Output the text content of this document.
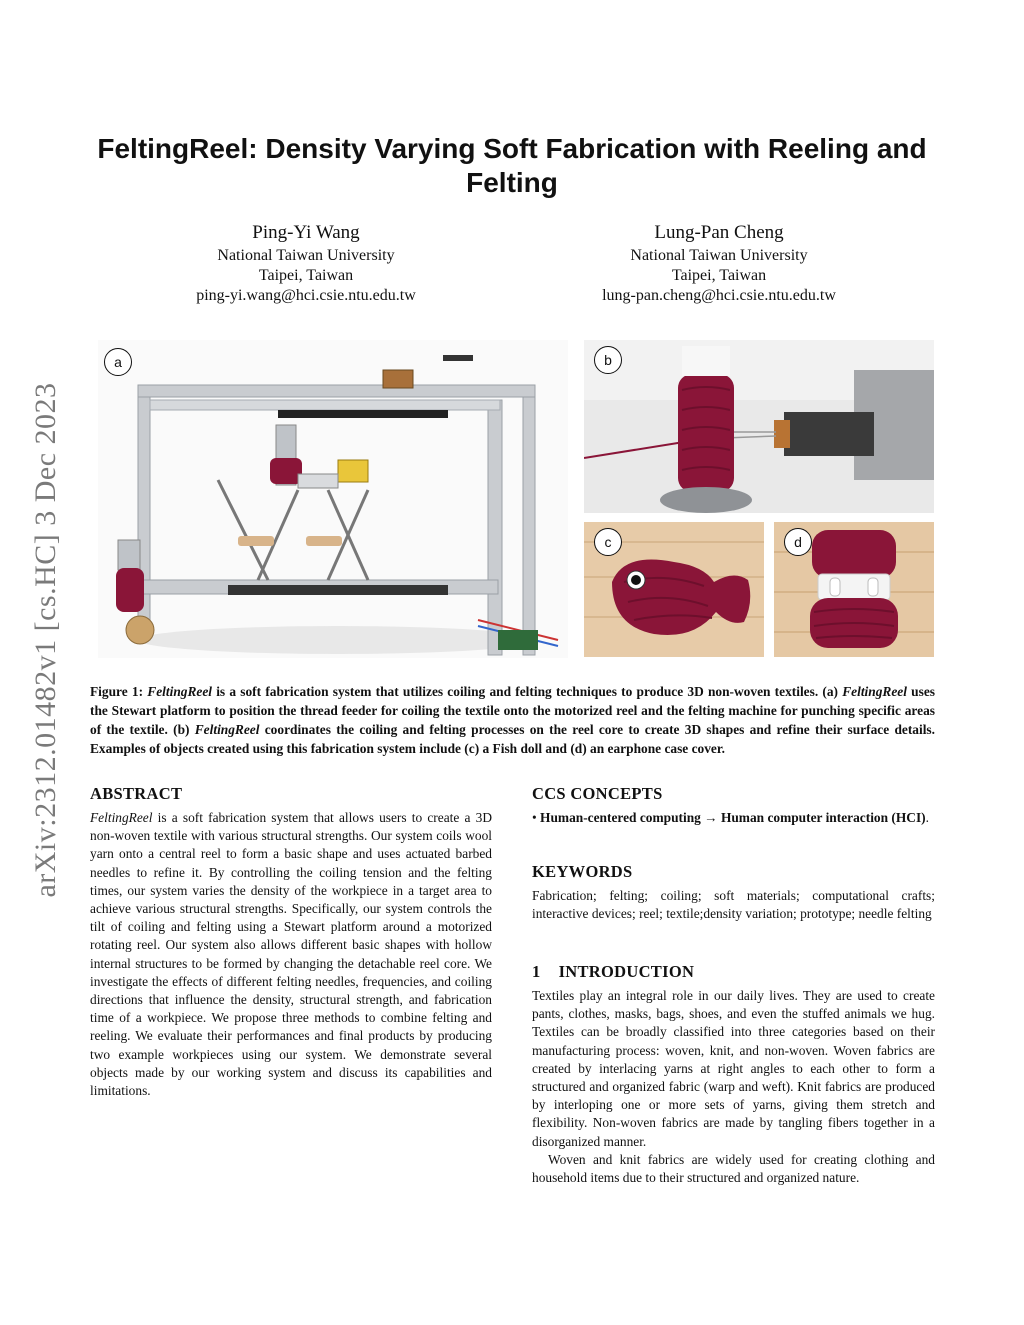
FeltingReel: Density Varying Soft Fabrication with Reeling and Felting
Ping-Yi Wang
National Taiwan University
Taipei, Taiwan
ping-yi.wang@hci.csie.ntu.edu.tw
Lung-Pan Cheng
National Taiwan University
Taipei, Taiwan
lung-pan.cheng@hci.csie.ntu.edu.tw
arXiv:2312.01482v1 [cs.HC] 3 Dec 2023
a	b
c	d
Figure 1: FeltingReel is a soft fabrication system that utilizes coiling and felting techniques to produce 3D non-woven textiles. (a) FeltingReel uses the Stewart platform to position the thread feeder for coiling the textile onto the motorized reel and the felting machine for punching specific areas of the textile. (b) FeltingReel coordinates the coiling and felting processes on the reel core to create 3D shapes and refine their surface details. Examples of objects created using this fabrication system include (c) a Fish doll and (d) an earphone case cover.
ABSTRACT
FeltingReel is a soft fabrication system that allows users to create a 3D non-woven textile with various structural strengths. Our system coils wool yarn onto a central reel to form a basic shape and uses actuated barbed needles to refine it. By controlling the coiling tension and the felting times, our system varies the density of the workpiece in a target area to achieve various structural strengths. Specifically, our system controls the tilt of coiling and felting using a Stewart platform around a motorized rotating reel. Our system also allows different basic shapes with hollow internal structures to be formed by changing the detachable reel core. We investigate the effects of different felting needles, frequencies, and coiling directions that influence the density, structural strength, and fabrication time of a workpiece. We propose three methods to combine felting and reeling. We evaluate their performances and final products by producing two example workpieces using our system. We demonstrate several objects made by our working system and discuss its capabilities and limitations.
CCS CONCEPTS
• Human-centered computing → Human computer interaction (HCI).
KEYWORDS
Fabrication; felting; coiling; soft materials; computational crafts; interactive devices; reel; textile;density variation; prototype; needle felting
1 INTRODUCTION
Textiles play an integral role in our daily lives. They are used to create pants, clothes, masks, bags, shoes, and even the stuffed animals we hug. Textiles can be broadly classified into three categories based on their manufacturing process: woven, knit, and non-woven. Woven fabrics are created by interlacing yarns at right angles to each other to form a structured and organized fabric (warp and weft). Knit fabrics are produced by interloping one or more sets of yarns, giving them stretch and flexibility. Non-woven fabrics are made by tangling fibers together in a disorganized manner.
Woven and knit fabrics are widely used for creating clothing and household items due to their structured and organized nature.
